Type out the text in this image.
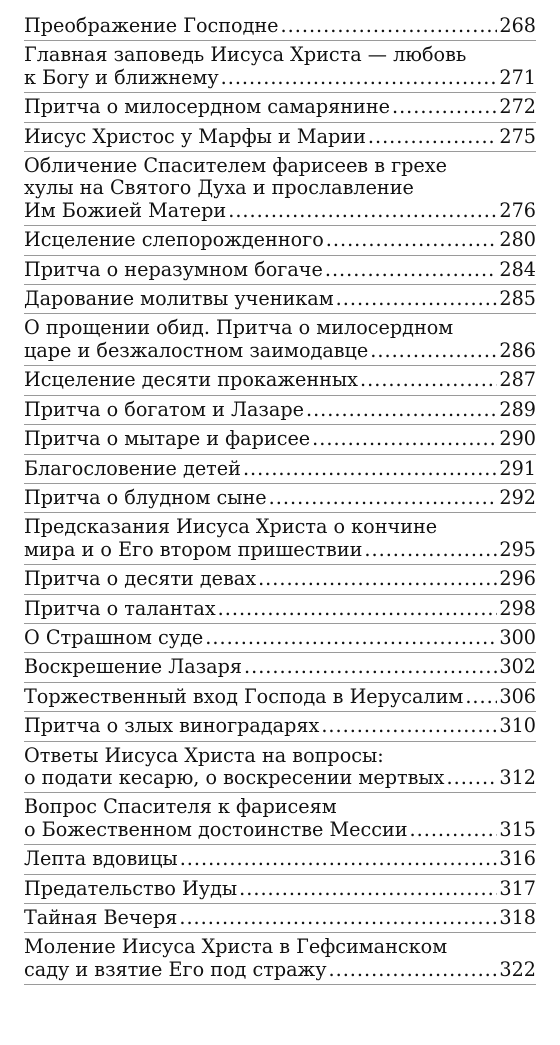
Преображение Господне .....	268
Главная заповедь Иисуса Христа — любовь
к Богу и ближнему .....	271
Притча о милосердном самарянине .....	272
Иисус Христос у Марфы и Марии .....	275
Обличение Спасителем фарисеев в грехе
хулы на Святого Духа и прославление
Им Божией Матери .....	276
Исцеление слепорожденного .....	280
Притча о неразумном богаче .....	284
Дарование молитвы ученикам .....	285
О прощении обид. Притча о милосердном
царе и безжалостном заимодавце .....	286
Исцеление десяти прокаженных .....	287
Притча о богатом и Лазаре .....	289
Притча о мытаре и фарисее .....	290
Благословение детей .....	291
Притча о блудном сыне .....	292
Предсказания Иисуса Христа о кончине
мира и о Его втором пришествии .....	295
Притча о десяти девах .....	296
Притча о талантах .....	298
О Страшном суде .....	300
Воскрешение Лазаря .....	302
Торжественный вход Господа в Иерусалим ..... 306
Притча о злых виноградарях .....	310
Ответы Иисуса Христа на вопросы:
о подати кесарю, о воскресении мертвых .....	312
Вопрос Спасителя к фарисеям
о Божественном достоинстве Мессии .....	315
Лепта вдовицы .....	316
Предательство Иуды .....	317
Тайная Вечеря .....	318
Моление Иисуса Христа в Гефсиманском
саду и взятие Его под стражу .....	322
